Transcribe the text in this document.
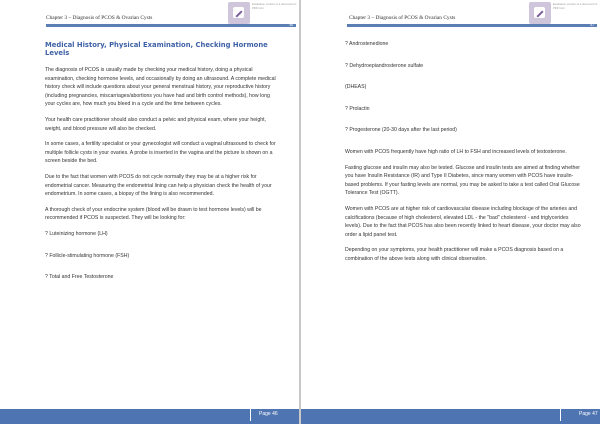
Chapter 3 – Diagnosis of PCOS & Ovarian Cysts
Evaluation version of a document in PDF form
46
Medical History, Physical Examination, Checking Hormone Levels

The diagnosis of PCOS is usually made by checking your medical history, doing a physical examination, checking hormone levels, and occasionally by doing an ultrasound. A complete medical history check will include questions about your general menstrual history, your reproductive history (including pregnancies, miscarriages/abortions you have had and birth control methods), how long your cycles are, how much you bleed in a cycle and the time between cycles.

Your health care practitioner should also conduct a pelvic and physical exam, where your height, weight, and blood pressure will also be checked.

In some cases, a fertility specialist or your gynecologist will conduct a vaginal ultrasound to check for multiple follicle cysts in your ovaries. A probe is inserted in the vagina and the picture is shown on a screen beside the bed.

Due to the fact that women with PCOS do not cycle normally they may be at a higher risk for endometrial cancer. Measuring the endometrial lining can help a physician check the health of your endometrium. In some cases, a biopsy of the lining is also recommended.

A thorough check of your endocrine system (blood will be drawn to test hormone levels) will be recommended if PCOS is suspected. They will be looking for:

? Luteinizing hormone (LH)
? Follicle-stimulating hormone (FSH)
? Total and Free Testosterone
Page 46
Chapter 3 – Diagnosis of PCOS & Ovarian Cysts
Evaluation version of a document in PDF form
47
? Androstenedione
? Dehydroepiandrosterone sulfate
(DHEAS)
? Prolactin
? Progesterone (20-30 days after the last period)

Women with PCOS frequently have high ratio of LH to FSH and increased levels of testosterone.

Fasting glucose and insulin may also be tested. Glucose and insulin tests are aimed at finding whether you have Insulin Resistance (IR) and Type II Diabetes, since many women with PCOS have insulin-based problems. If your fasting levels are normal, you may be asked to take a test called Oral Glucose Tolerance Test (OGTT).

Women with PCOS are at higher risk of cardiovascular disease including blockage of the arteries and calcifications (because of high cholesterol, elevated LDL - the "bad" cholesterol - and triglycerides levels). Due to the fact that PCOS has also been recently linked to heart disease, your doctor may also order a lipid panel test.

Depending on your symptoms, your health practitioner will make a PCOS diagnosis based on a combination of the above tests along with clinical observation.

Page 47
